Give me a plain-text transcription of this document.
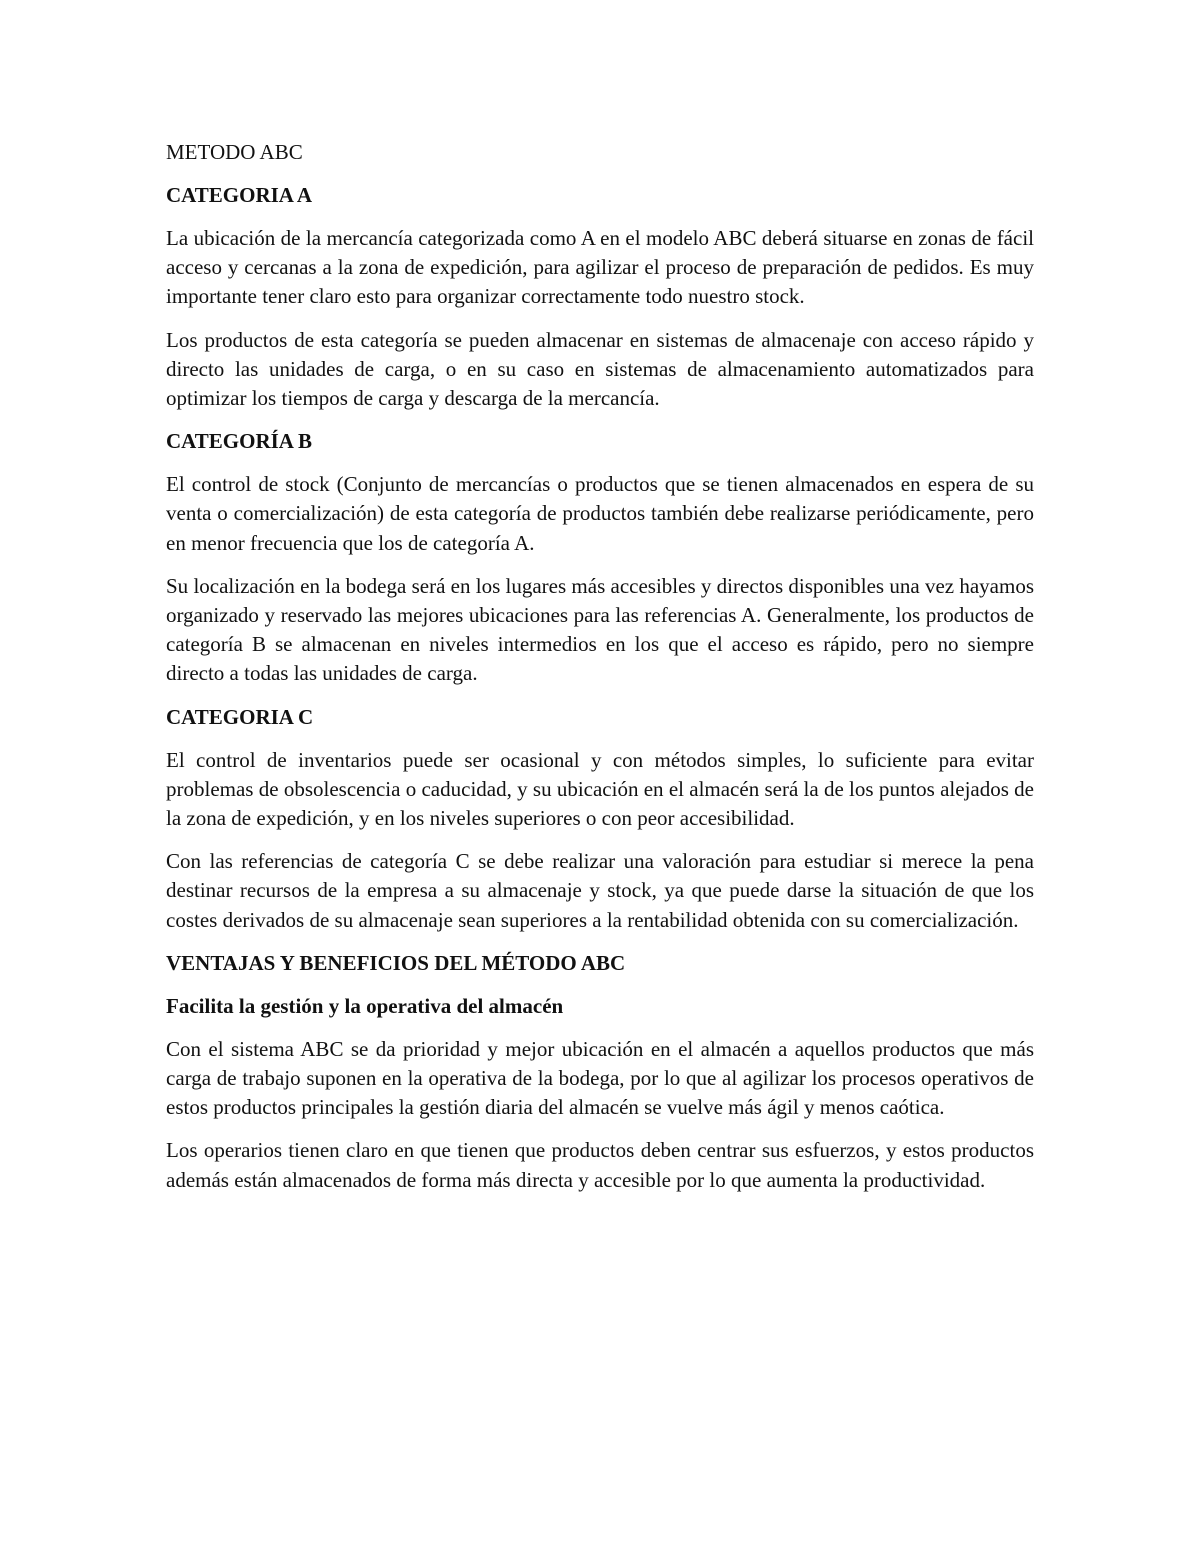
METODO ABC

CATEGORIA A

La ubicación de la mercancía categorizada como A en el modelo ABC deberá situarse en zonas de fácil acceso y cercanas a la zona de expedición, para agilizar el proceso de preparación de pedidos. Es muy importante tener claro esto para organizar correctamente todo nuestro stock.

Los productos de esta categoría se pueden almacenar en sistemas de almacenaje con acceso rápido y directo las unidades de carga, o en su caso en sistemas de almacenamiento automatizados para optimizar los tiempos de carga y descarga de la mercancía.

CATEGORÍA B

El control de stock (Conjunto de mercancías o productos que se tienen almacenados en espera de su venta o comercialización) de esta categoría de productos también debe realizarse periódicamente, pero en menor frecuencia que los de categoría A.

Su localización en la bodega será en los lugares más accesibles y directos disponibles una vez hayamos organizado y reservado las mejores ubicaciones para las referencias A. Generalmente, los productos de categoría B se almacenan en niveles intermedios en los que el acceso es rápido, pero no siempre directo a todas las unidades de carga.

CATEGORIA C

El control de inventarios puede ser ocasional y con métodos simples, lo suficiente para evitar problemas de obsolescencia o caducidad, y su ubicación en el almacén será la de los puntos alejados de la zona de expedición, y en los niveles superiores o con peor accesibilidad.

Con las referencias de categoría C se debe realizar una valoración para estudiar si merece la pena destinar recursos de la empresa a su almacenaje y stock, ya que puede darse la situación de que los costes derivados de su almacenaje sean superiores a la rentabilidad obtenida con su comercialización.

VENTAJAS Y BENEFICIOS DEL MÉTODO ABC

Facilita la gestión y la operativa del almacén

Con el sistema ABC se da prioridad y mejor ubicación en el almacén a aquellos productos que más carga de trabajo suponen en la operativa de la bodega, por lo que al agilizar los procesos operativos de estos productos principales la gestión diaria del almacén se vuelve más ágil y menos caótica.

Los operarios tienen claro en que tienen que productos deben centrar sus esfuerzos, y estos productos además están almacenados de forma más directa y accesible por lo que aumenta la productividad.
